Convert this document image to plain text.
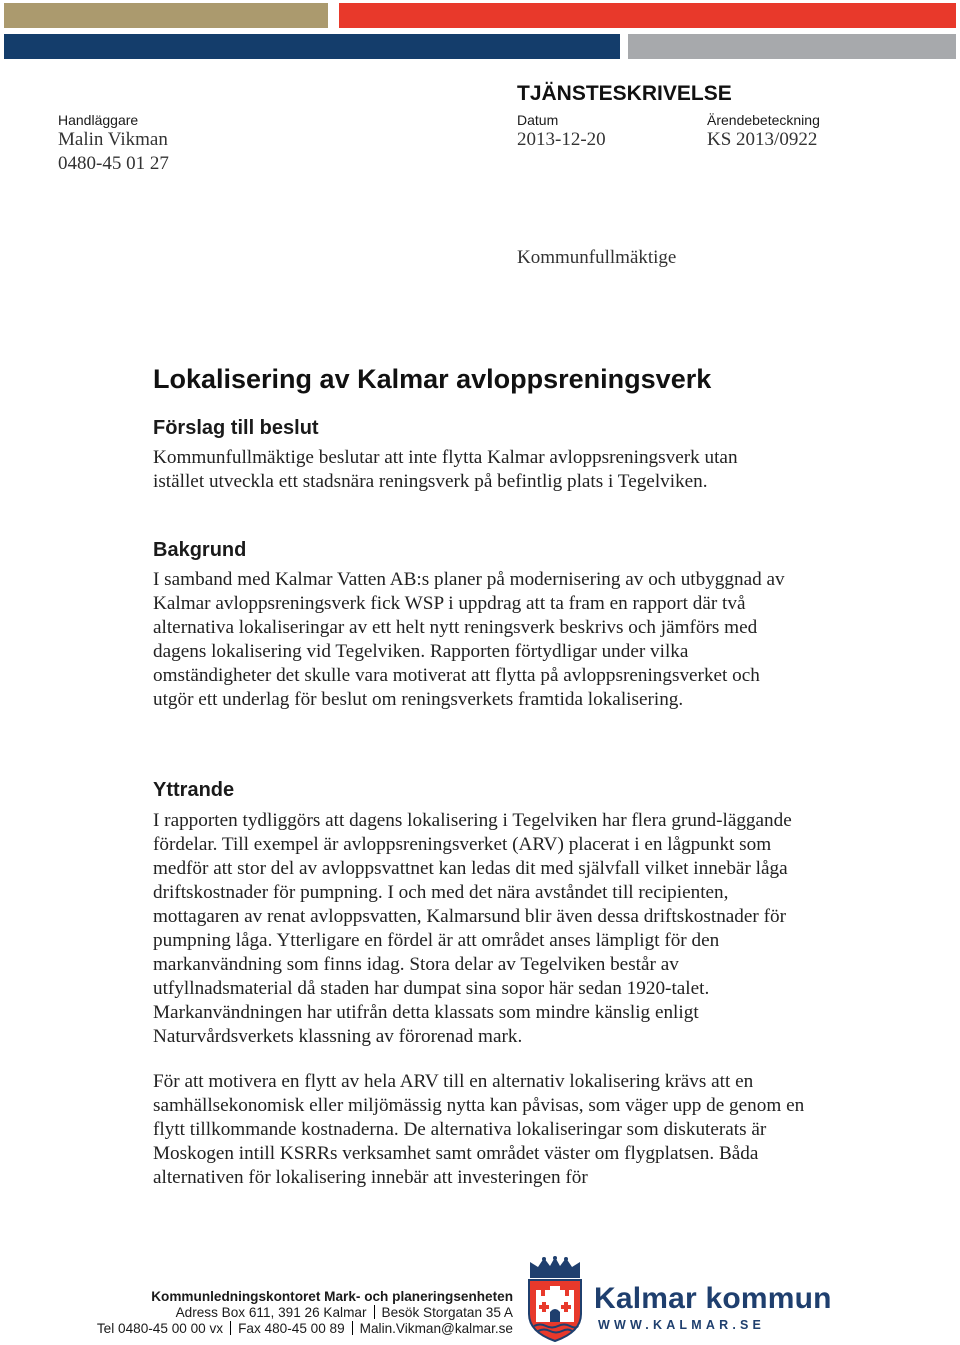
TJÄNSTESKRIVELSE
Handläggare
Malin Vikman
0480-45 01 27
Datum
2013-12-20
Ärendebeteckning
KS 2013/0922
Kommunfullmäktige
Lokalisering av Kalmar avloppsreningsverk
Förslag till beslut

Kommunfullmäktige beslutar att inte flytta Kalmar avloppsreningsverk utan istället utveckla ett stadsnära reningsverk på befintlig plats i Tegelviken.

Bakgrund

I samband med Kalmar Vatten AB:s planer på modernisering av och utbyggnad av Kalmar avloppsreningsverk fick WSP i uppdrag att ta fram en rapport där två alternativa lokaliseringar av ett helt nytt reningsverk beskrivs och jämförs med dagens lokalisering vid Tegelviken. Rapporten förtydligar under vilka omständigheter det skulle vara motiverat att flytta på avloppsreningsverket och utgör ett underlag för beslut om reningsverkets framtida lokalisering.

Yttrande

I rapporten tydliggörs att dagens lokalisering i Tegelviken har flera grund-läggande fördelar. Till exempel är avloppsreningsverket (ARV) placerat i en lågpunkt som medför att stor del av avloppsvattnet kan ledas dit med självfall vilket innebär låga driftskostnader för pumpning. I och med det nära avståndet till recipienten, mottagaren av renat avloppsvatten, Kalmarsund blir även dessa driftskostnader för pumpning låga. Ytterligare en fördel är att området anses lämpligt för den markanvändning som finns idag. Stora delar av Tegelviken består av utfyllnadsmaterial då staden har dumpat sina sopor här sedan 1920-talet. Markanvändningen har utifrån detta klassats som mindre känslig enligt Naturvårdsverkets klassning av förorenad mark.

För att motivera en flytt av hela ARV till en alternativ lokalisering krävs att en samhällsekonomisk eller miljömässig nytta kan påvisas, som väger upp de genom en flytt tillkommande kostnaderna. De alternativa lokaliseringar som diskuterats är Moskogen intill KSRRs verksamhet samt området väster om flygplatsen. Båda alternativen för lokalisering innebär att investeringen för

Kommunledningskontoret Mark- och planeringsenheten
Adress Box 611, 391 26 Kalmar Besök Storgatan 35 A
Tel 0480-45 00 00 vx Fax 480-45 00 89 Malin.Vikman@kalmar.se
Kalmar kommun
WWW.KALMAR.SE
